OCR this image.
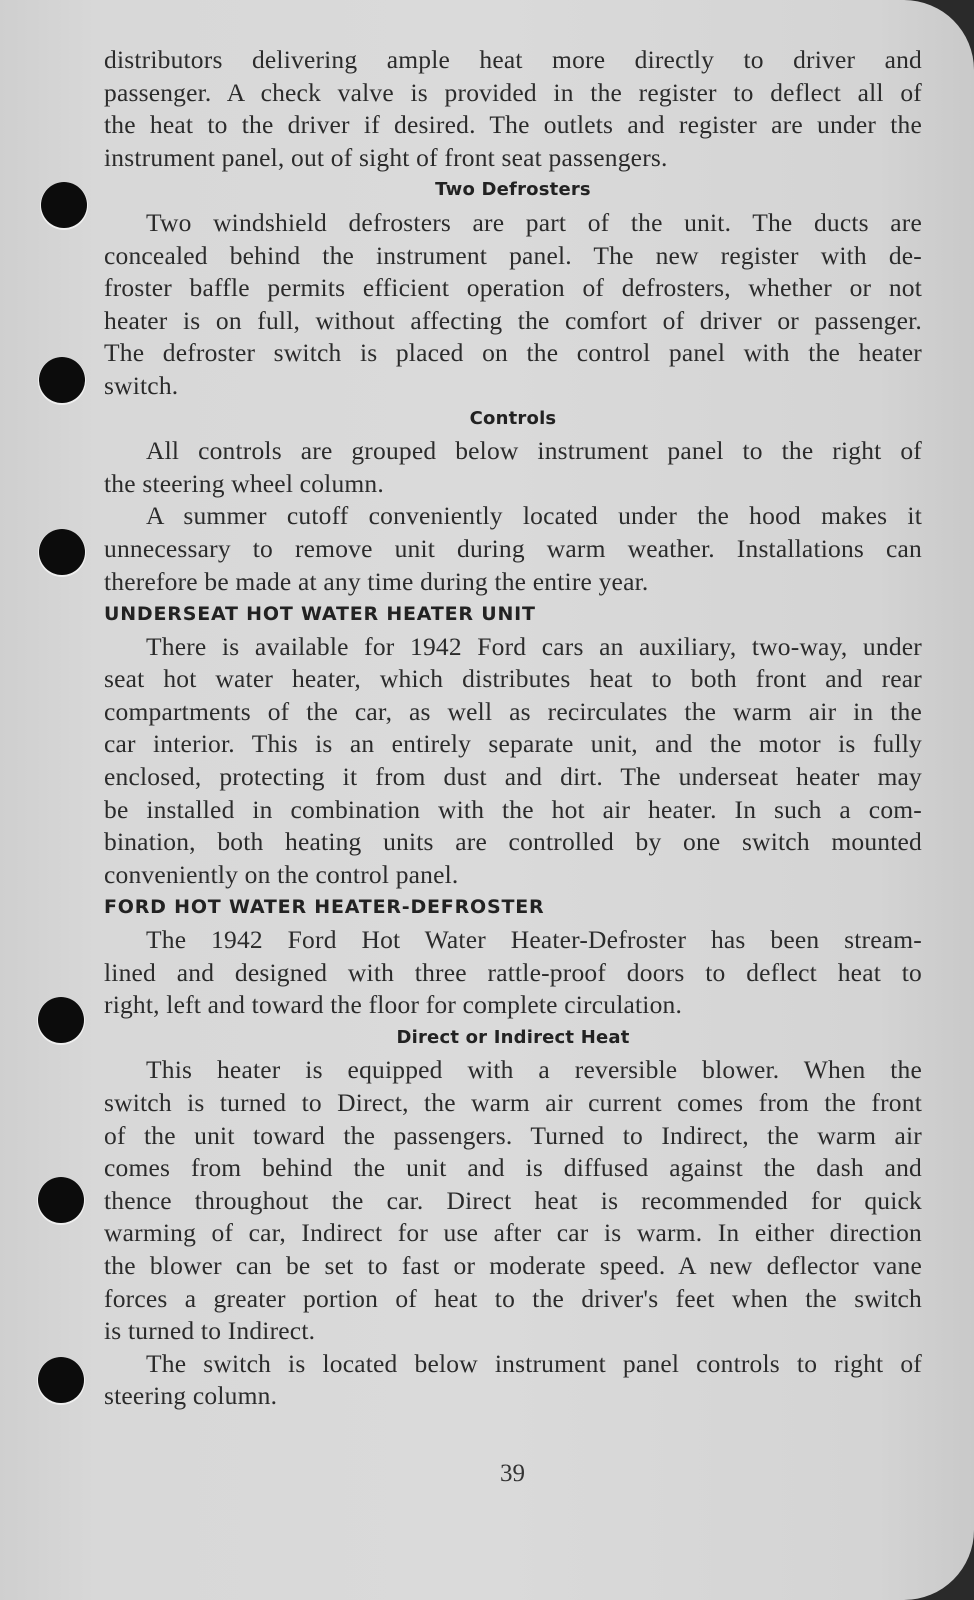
distributors delivering ample heat more directly to driver and
passenger. A check valve is provided in the register to deflect all of
the heat to the driver if desired. The outlets and register are under the
instrument panel, out of sight of front seat passengers.

Two Defrosters

Two windshield defrosters are part of the unit. The ducts are
concealed behind the instrument panel. The new register with de-
froster baffle permits efficient operation of defrosters, whether or not
heater is on full, without affecting the comfort of driver or passenger.
The defroster switch is placed on the control panel with the heater
switch.

Controls

All controls are grouped below instrument panel to the right of
the steering wheel column.

A summer cutoff conveniently located under the hood makes it
unnecessary to remove unit during warm weather. Installations can
therefore be made at any time during the entire year.

UNDERSEAT HOT WATER HEATER UNIT

There is available for 1942 Ford cars an auxiliary, two-way, under
seat hot water heater, which distributes heat to both front and rear
compartments of the car, as well as recirculates the warm air in the
car interior. This is an entirely separate unit, and the motor is fully
enclosed, protecting it from dust and dirt. The underseat heater may
be installed in combination with the hot air heater. In such a com-
bination, both heating units are controlled by one switch mounted
conveniently on the control panel.

FORD HOT WATER HEATER-DEFROSTER

The 1942 Ford Hot Water Heater-Defroster has been stream-
lined and designed with three rattle-proof doors to deflect heat to
right, left and toward the floor for complete circulation.

Direct or Indirect Heat

This heater is equipped with a reversible blower. When the
switch is turned to Direct, the warm air current comes from the front
of the unit toward the passengers. Turned to Indirect, the warm air
comes from behind the unit and is diffused against the dash and
thence throughout the car. Direct heat is recommended for quick
warming of car, Indirect for use after car is warm. In either direction
the blower can be set to fast or moderate speed. A new deflector vane
forces a greater portion of heat to the driver's feet when the switch
is turned to Indirect.

The switch is located below instrument panel controls to right of
steering column.

39
